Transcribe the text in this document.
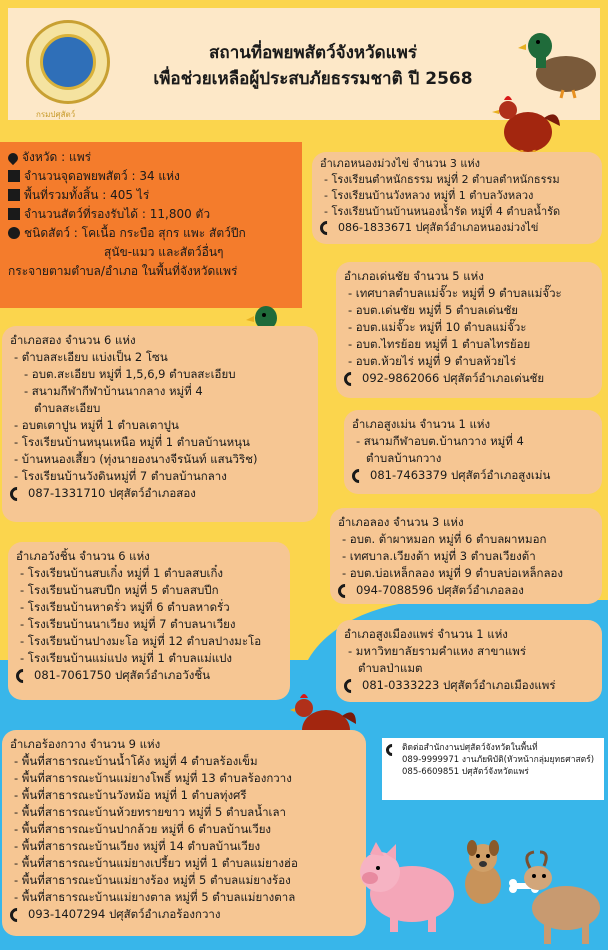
กรมปศุสัตว์
สถานที่อพยพสัตว์จังหวัดแพร่
เพื่อช่วยเหลือผู้ประสบภัยธรรมชาติ ปี 2568
จังหวัด : แพร่
จำนวนจุดอพยพสัตว์ : 34 แห่ง
พื้นที่รวมทั้งสิ้น : 405 ไร่
จำนวนสัตว์ที่รองรับได้ : 11,800 ตัว
ชนิดสัตว์ : โคเนื้อ กระบือ สุกร แพะ สัตว์ปีก
สุนัข-แมว และสัตว์อื่นๆ
กระจายตามตำบล/อำเภอ ในพื้นที่จังหวัดแพร่
อำเภอหนองม่วงไข่ จำนวน 3 แห่ง
- โรงเรียนตำหนักธรรม หมู่ที่ 2 ตำบลตำหนักธรรม
- โรงเรียนบ้านวังหลวง หมู่ที่ 1 ตำบลวังหลวง
- โรงเรียนบ้านบ้านหนองน้ำรัด หมู่ที่ 4 ตำบลน้ำรัด
086-1833671 ปศุสัตว์อำเภอหนองม่วงไข่
อำเภอเด่นชัย จำนวน 5 แห่ง
- เทศบาลตำบลแม่จั๊วะ หมู่ที่ 9 ตำบลแม่จั๊วะ
- อบต.เด่นชัย หมู่ที่ 5 ตำบลเด่นชัย
- อบต.แม่จั๊วะ หมู่ที่ 10 ตำบลแม่จั๊วะ
- อบต.ไทรย้อย หมู่ที่ 1 ตำบลไทรย้อย
- อบต.ห้วยไร่ หมู่ที่ 9 ตำบลห้วยไร่
092-9862066 ปศุสัตว์อำเภอเด่นชัย
อำเภอสอง จำนวน 6 แห่ง
- ตำบลสะเอียบ แบ่งเป็น 2 โซน
- อบต.สะเอียบ หมู่ที่ 1,5,6,9 ตำบลสะเอียบ
- สนามกีฬากีฬาบ้านนากลาง หมู่ที่ 4
ตำบลสะเอียบ
- อบตเตาปูน หมู่ที่ 1 ตำบลเตาปูน
- โรงเรียนบ้านหนุนเหนือ หมู่ที่ 1 ตำบลบ้านหนุน
- บ้านหนองเสี้ยว (ทุ่งนายองนางจีรนันท์ แสนวิริช)
- โรงเรียนบ้านวังดินหมู่ที่ 7 ตำบลบ้านกลาง
087-1331710 ปศุสัตว์อำเภอสอง
อำเภอสูงเม่น จำนวน 1 แห่ง
- สนามกีฬาอบต.บ้านกวาง หมู่ที่ 4
ตำบลบ้านกวาง
081-7463379 ปศุสัตว์อำเภอสูงเม่น
อำเภอลอง จำนวน 3 แห่ง
- อบต. ต้าผาหมอก หมู่ที่ 6 ตำบลผาหมอก
- เทศบาล.เวียงต้า หมู่ที่ 3 ตำบลเวียงต้า
- อบต.บ่อเหล็กลอง หมู่ที่ 9 ตำบลบ่อเหล็กลอง
094-7088596 ปศุสัตว์อำเภอลอง
อำเภอวังชิ้น จำนวน 6 แห่ง
- โรงเรียนบ้านสบเกิ๋ง หมู่ที่ 1 ตำบลสบเกิ๋ง
- โรงเรียนบ้านสบปีก หมู่ที่ 5 ตำบลสบปีก
- โรงเรียนบ้านหาดรั่ว หมู่ที่ 6 ตำบลหาดรั่ว
- โรงเรียนบ้านนาเวียง หมู่ที่ 7 ตำบลนาเวียง
- โรงเรียนบ้านปางมะโอ หมู่ที่ 12 ตำบลปางมะโอ
- โรงเรียนบ้านแม่แปง หมู่ที่ 1 ตำบลแม่แปง
081-7061750 ปศุสัตว์อำเภอวังชิ้น
อำเภอสูงเมืองแพร่ จำนวน 1 แห่ง
- มหาวิทยาลัยรามคำแหง สาขาแพร่
ตำบลป่าแมต
081-0333223 ปศุสัตว์อำเภอเมืองแพร่
อำเภอร้องกวาง จำนวน 9 แห่ง
- พื้นที่สาธารณะบ้านน้ำโค้ง หมู่ที่ 4 ตำบลร้องเข็ม
- พื้นที่สาธารณะบ้านแม่ยางโพธิ์ หมู่ที่ 13 ตำบลร้องกวาง
- พื้นที่สาธารณะบ้านวังหม้อ หมู่ที่ 1 ตำบลทุ่งศรี
- พื้นที่สาธารณะบ้านห้วยทรายขาว หมู่ที่ 5 ตำบลน้ำเลา
- พื้นที่สาธารณะบ้านปากล้วย หมู่ที่ 6 ตำบลบ้านเวียง
- พื้นที่สาธารณะบ้านเวียง หมู่ที่ 14 ตำบลบ้านเวียง
- พื้นที่สาธารณะบ้านแม่ยางเปรี้ยว หมู่ที่ 1 ตำบลแม่ยางฮ่อ
- พื้นที่สาธารณะบ้านแม่ยางร้อง หมู่ที่ 5 ตำบลแม่ยางร้อง
- พื้นที่สาธารณะบ้านแม่ยางตาล หมู่ที่ 5 ตำบลแม่ยางตาล
093-1407294 ปศุสัตว์อำเภอร้องกวาง
ติดต่อสำนักงานปศุสัตว์จังหวัดในพื้นที่
089-9999971 งานภัยพิบัติ(หัวหน้ากลุ่มยุทธศาสตร์)
085-6609851 ปศุสัตว์จังหวัดแพร่
